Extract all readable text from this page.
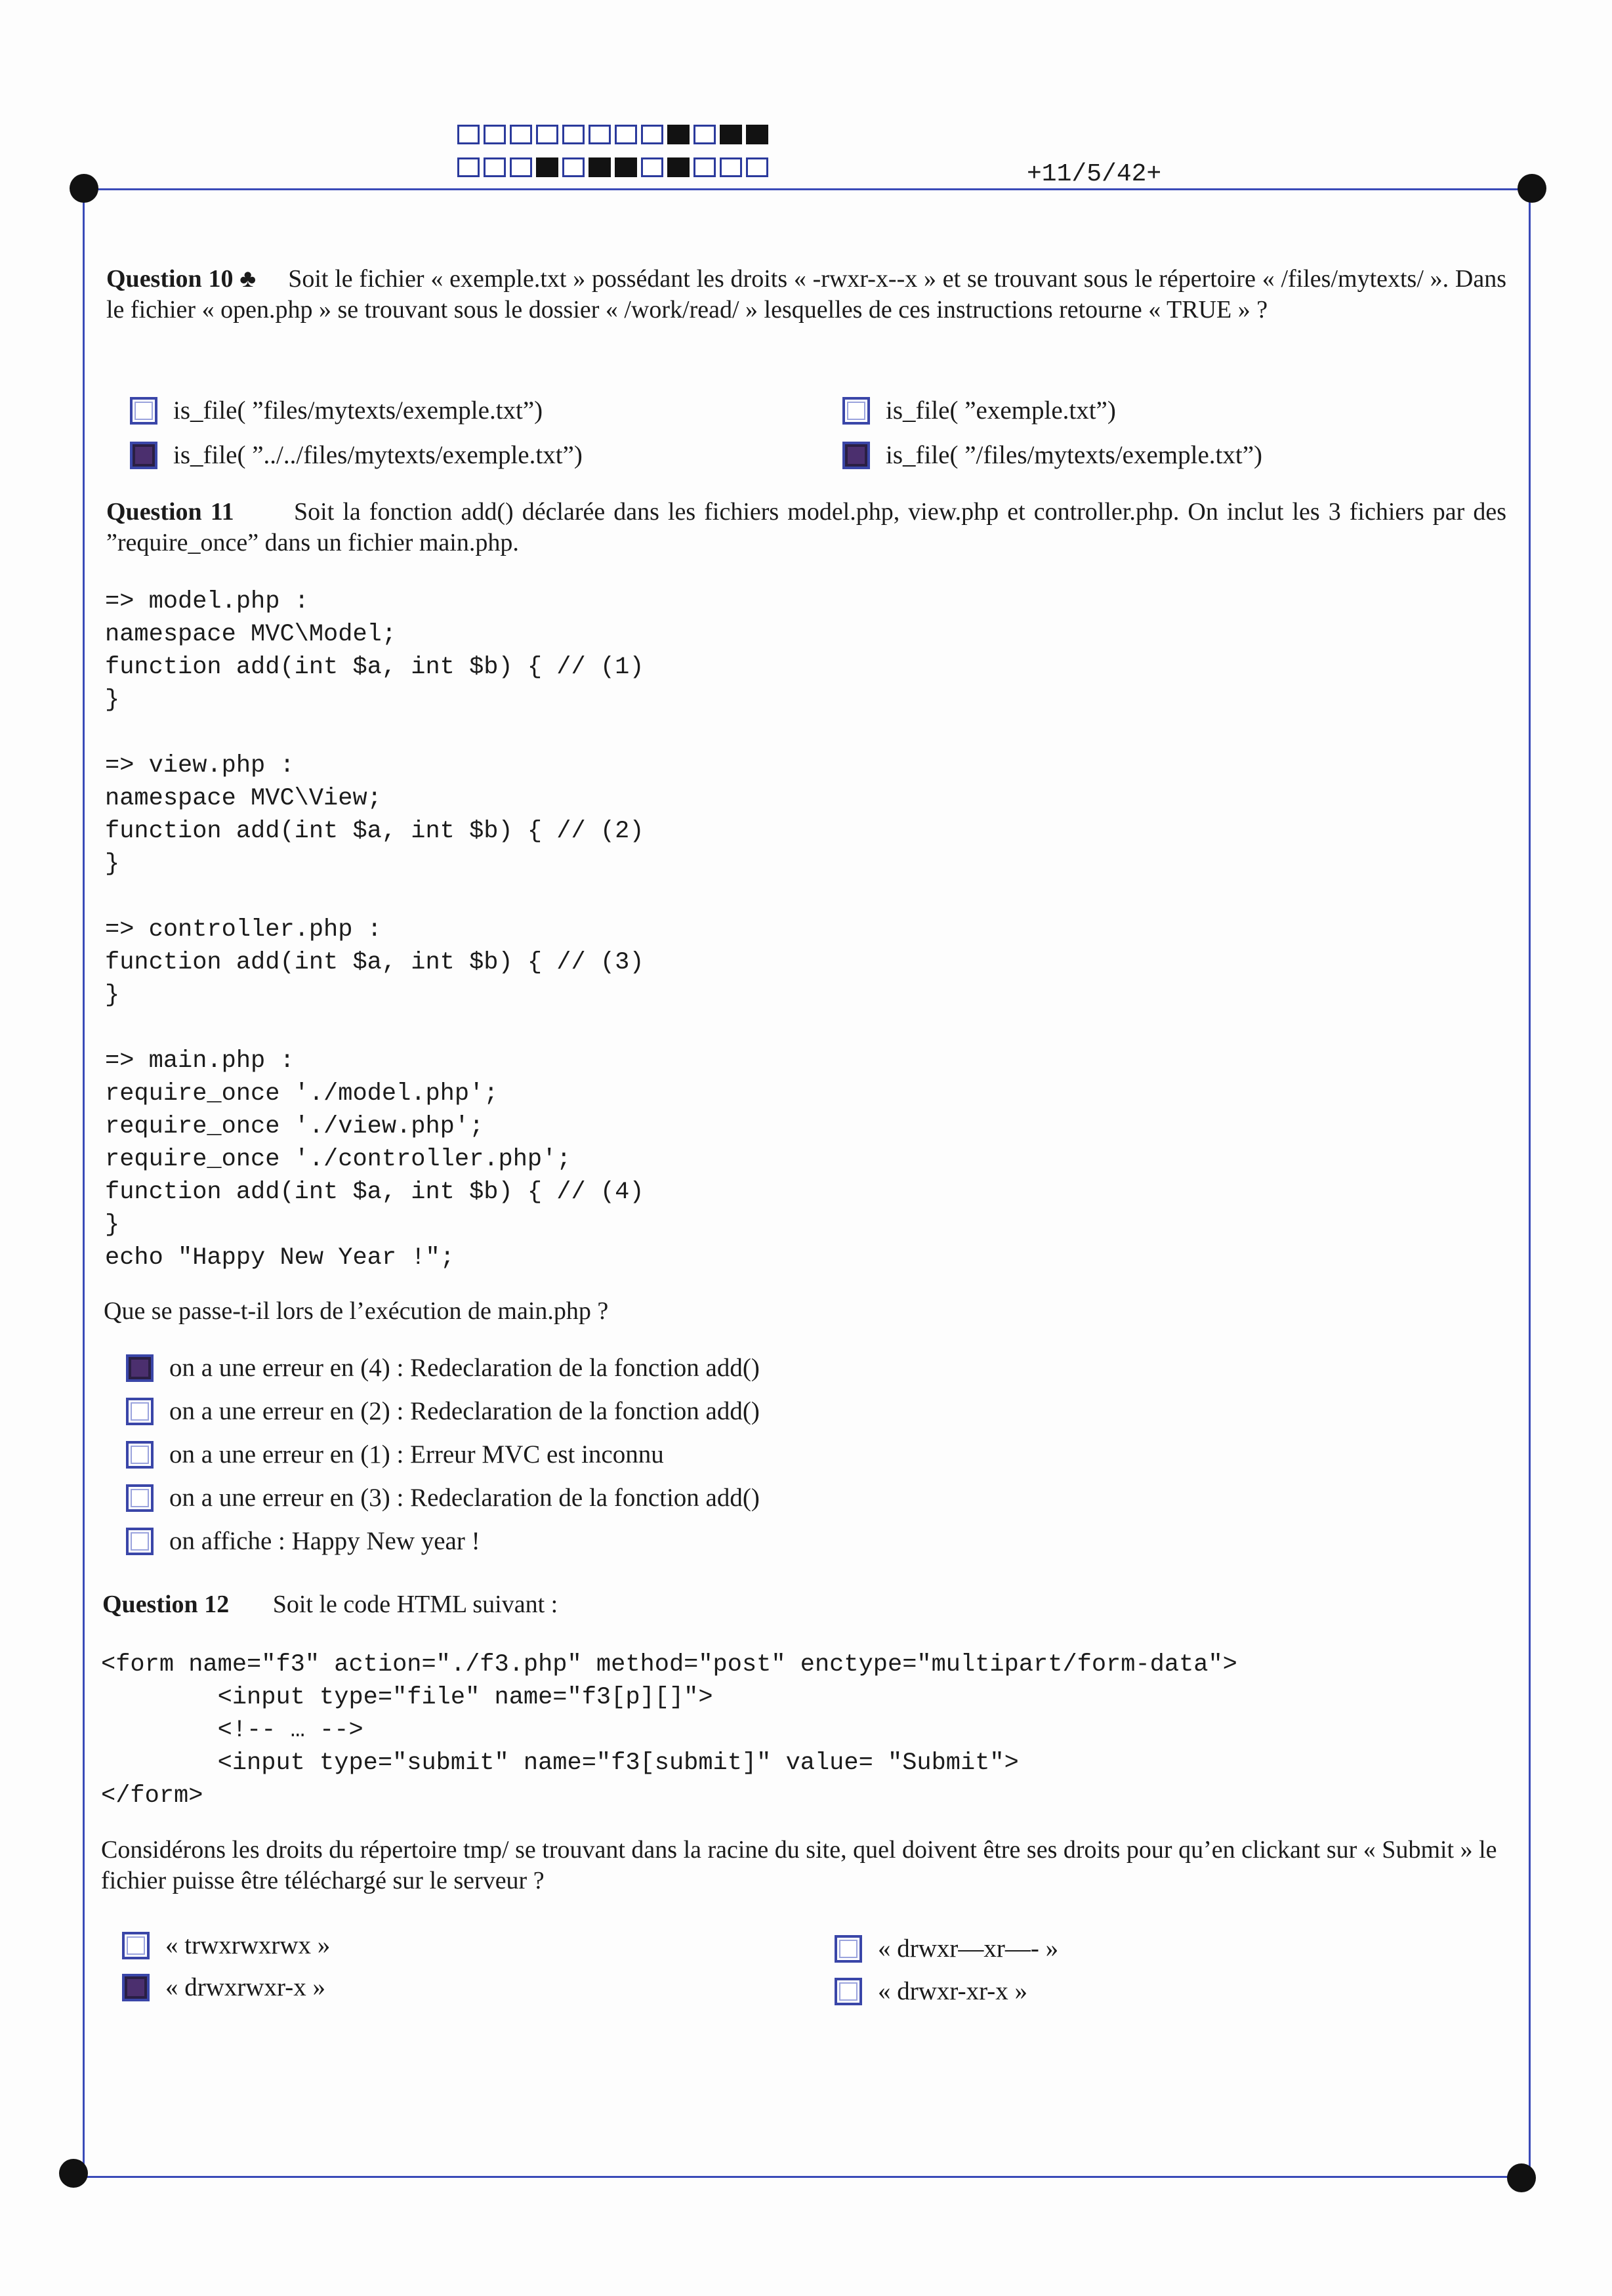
+11/5/42+
Question 10 ♣ Soit le fichier « exemple.txt » possédant les droits « -rwxr-x--x » et se trouvant sous le répertoire « /files/mytexts/ ». Dans le fichier « open.php » se trouvant sous le dossier « /work/read/ » lesquelles de ces instructions retourne « TRUE » ?
is_file( ”files/mytexts/exemple.txt”)	is_file( ”exemple.txt”)
is_file( ”../../files/mytexts/exemple.txt”)	is_file( ”/files/mytexts/exemple.txt”)
Question 11 Soit la fonction add() déclarée dans les fichiers model.php, view.php et controller.php. On inclut les 3 fichiers par des ”require_once” dans un fichier main.php.
=> model.php :
namespace MVC\Model;
function add(int $a, int $b) { // (1)
}

=> view.php :
namespace MVC\View;
function add(int $a, int $b) { // (2)
}

=> controller.php :
function add(int $a, int $b) { // (3)
}

=> main.php :
require_once './model.php';
require_once './view.php';
require_once './controller.php';
function add(int $a, int $b) { // (4)
}
echo "Happy New Year !";
Que se passe-t-il lors de l’exécution de main.php ?
on a une erreur en (4) : Redeclaration de la fonction add()
on a une erreur en (2) : Redeclaration de la fonction add()
on a une erreur en (1) : Erreur MVC est inconnu
on a une erreur en (3) : Redeclaration de la fonction add()
on affiche : Happy New year !
Question 12 Soit le code HTML suivant :
<form name="f3" action="./f3.php" method="post" enctype="multipart/form-data">
<input type="file" name="f3[p][]">
<!-- … -->
<input type="submit" name="f3[submit]" value= "Submit">
</form>
Considérons les droits du répertoire tmp/ se trouvant dans la racine du site, quel doivent être ses droits pour qu’en clickant sur « Submit » le fichier puisse être téléchargé sur le serveur ?
« trwxrwxrwx »	« drwxr—xr—- »
« drwxrwxr-x »	« drwxr-xr-x »
